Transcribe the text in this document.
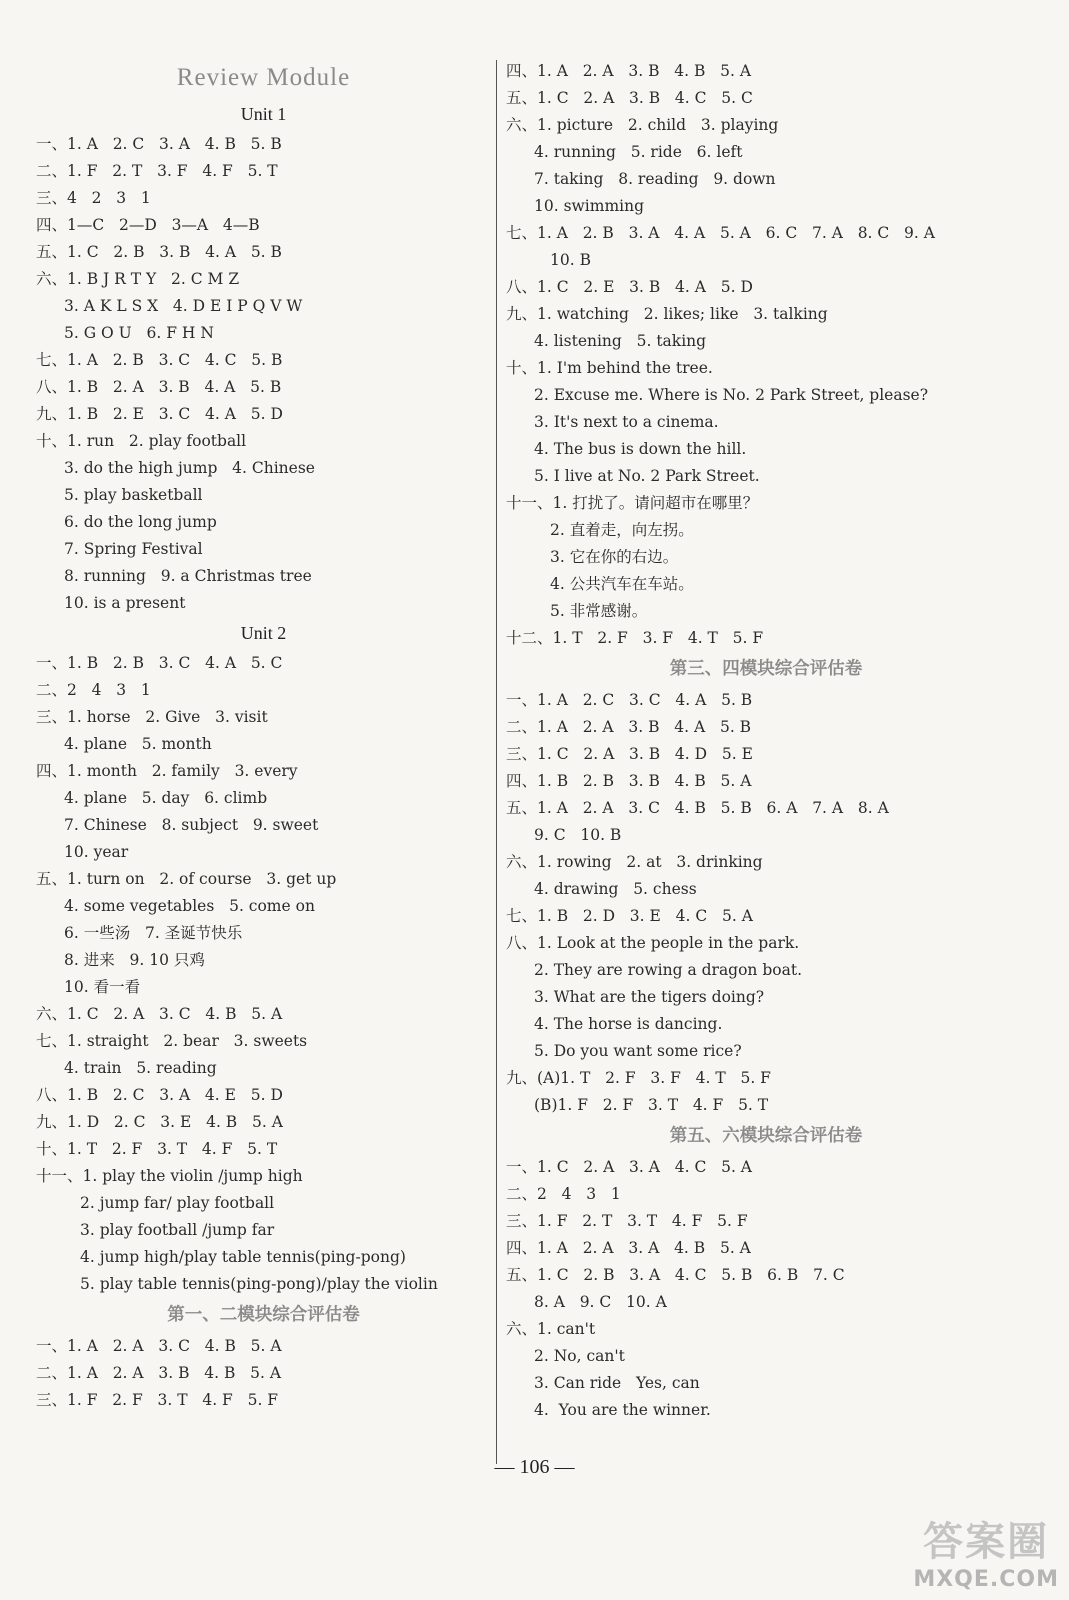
Review Module
Unit 1
一、1. A   2. C   3. A   4. B   5. B
二、1. F   2. T   3. F   4. F   5. T
三、4   2   3   1
四、1—C   2—D   3—A   4—B
五、1. C   2. B   3. B   4. A   5. B
六、1. B J R T Y   2. C M Z
3. A K L S X   4. D E I P Q V W
5. G O U   6. F H N
七、1. A   2. B   3. C   4. C   5. B
八、1. B   2. A   3. B   4. A   5. B
九、1. B   2. E   3. C   4. A   5. D
十、1. run   2. play football
3. do the high jump   4. Chinese
5. play basketball
6. do the long jump
7. Spring Festival
8. running   9. a Christmas tree
10. is a present
Unit 2
一、1. B   2. B   3. C   4. A   5. C
二、2   4   3   1
三、1. horse   2. Give   3. visit
4. plane   5. month
四、1. month   2. family   3. every
4. plane   5. day   6. climb
7. Chinese   8. subject   9. sweet
10. year
五、1. turn on   2. of course   3. get up
4. some vegetables   5. come on
6. 一些汤   7. 圣诞节快乐
8. 进来   9. 10 只鸡
10. 看一看
六、1. C   2. A   3. C   4. B   5. A
七、1. straight   2. bear   3. sweets
4. train   5. reading
八、1. B   2. C   3. A   4. E   5. D
九、1. D   2. C   3. E   4. B   5. A
十、1. T   2. F   3. T   4. F   5. T
十一、1. play the violin /jump high
2. jump far/ play football
3. play football /jump far
4. jump high/play table tennis(ping-pong)
5. play table tennis(ping-pong)/play the violin
第一、二模块综合评估卷
一、1. A   2. A   3. C   4. B   5. A
二、1. A   2. A   3. B   4. B   5. A
三、1. F   2. F   3. T   4. F   5. F
四、1. A   2. A   3. B   4. B   5. A
五、1. C   2. A   3. B   4. C   5. C
六、1. picture   2. child   3. playing
4. running   5. ride   6. left
7. taking   8. reading   9. down
10. swimming
七、1. A   2. B   3. A   4. A   5. A   6. C   7. A   8. C   9. A
10. B
八、1. C   2. E   3. B   4. A   5. D
九、1. watching   2. likes; like   3. talking
4. listening   5. taking
十、1. I'm behind the tree.
2. Excuse me. Where is No. 2 Park Street, please?
3. It's next to a cinema.
4. The bus is down the hill.
5. I live at No. 2 Park Street.
十一、1. 打扰了。请问超市在哪里？
2. 直着走，向左拐。
3. 它在你的右边。
4. 公共汽车在车站。
5. 非常感谢。
十二、1. T   2. F   3. F   4. T   5. F
第三、四模块综合评估卷
一、1. A   2. C   3. C   4. A   5. B
二、1. A   2. A   3. B   4. A   5. B
三、1. C   2. A   3. B   4. D   5. E
四、1. B   2. B   3. B   4. B   5. A
五、1. A   2. A   3. C   4. B   5. B   6. A   7. A   8. A
9. C   10. B
六、1. rowing   2. at   3. drinking
4. drawing   5. chess
七、1. B   2. D   3. E   4. C   5. A
八、1. Look at the people in the park.
2. They are rowing a dragon boat.
3. What are the tigers doing?
4. The horse is dancing.
5. Do you want some rice?
九、(A)1. T   2. F   3. F   4. T   5. F
(B)1. F   2. F   3. T   4. F   5. T
第五、六模块综合评估卷
一、1. C   2. A   3. A   4. C   5. A
二、2   4   3   1
三、1. F   2. T   3. T   4. F   5. F
四、1. A   2. A   3. A   4. B   5. A
五、1. C   2. B   3. A   4. C   5. B   6. B   7. C
8. A   9. C   10. A
六、1. can't
2. No, can't
3. Can ride   Yes, can
4.  You are the winner.
— 106 —
答案圈
MXQE.COM
